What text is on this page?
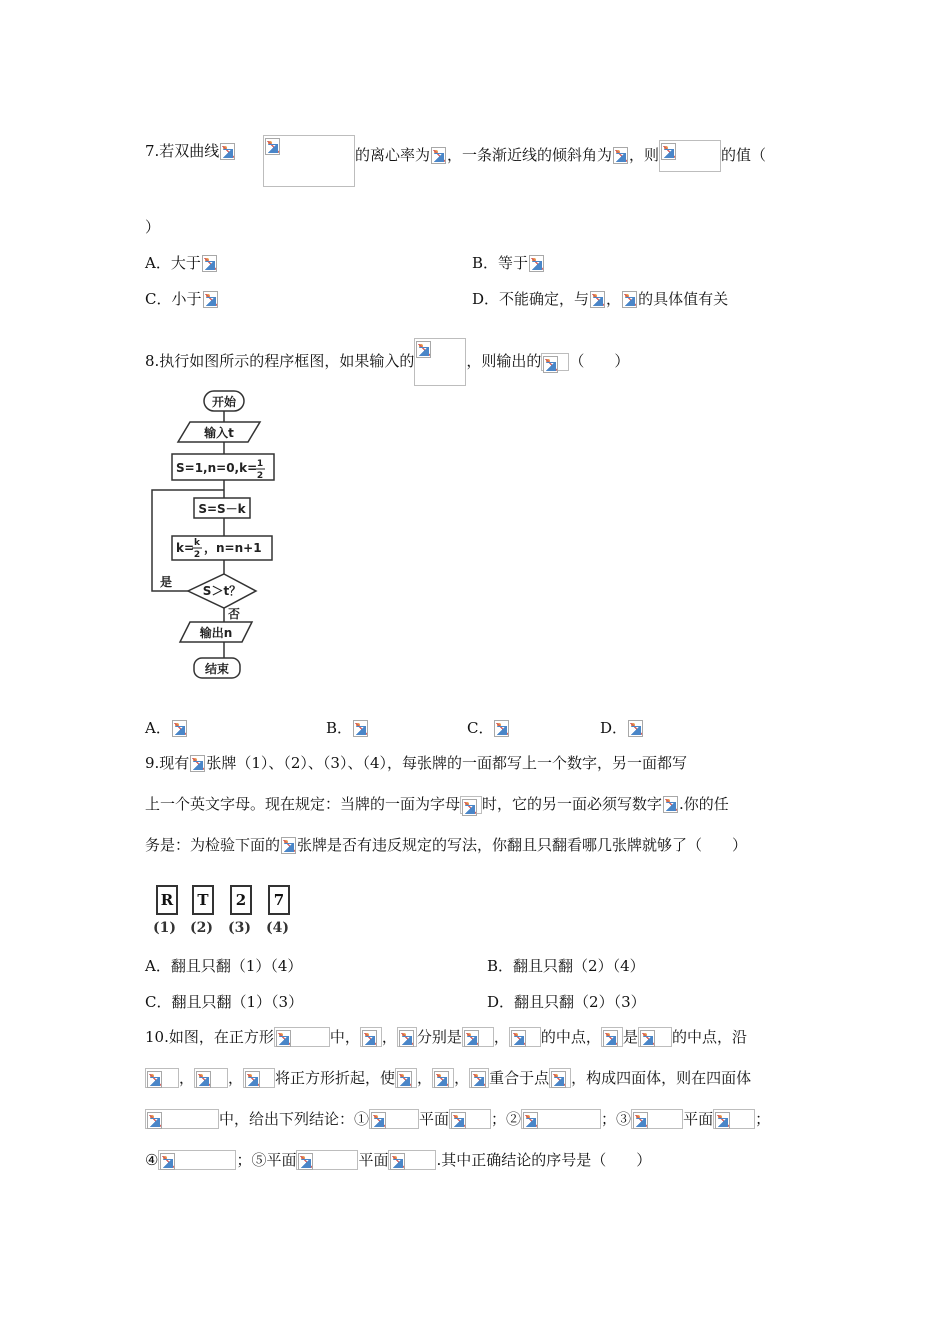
7.若双曲线	的离心率为 ，一条渐近线的倾斜角为 ，则	的值（
）
A．大于	B．等于
C．小于	D．不能确定，与 ， 的具体值有关
8.执行如图所示的程序框图，如果输入的	，则输出的 （　　）
开始
输入t
S=1,n=0,k= 1
2
S=S－k
k= k
2 ，n=n+1
S＞t？
是
否
输出n
结束
A．	B．	C．	D．
9.现有 张牌（1）、（2）、（3）、（4），每张牌的一面都写上一个数字，另一面都写
上一个英文字母。现在规定：当牌的一面为字母 时，它的另一面必须写数字 .你的任
务是：为检验下面的 张牌是否有违反规定的写法，你翻且只翻看哪几张牌就够了（　　）
R	T	2	7
(1) (2) (3) (4)
A．翻且只翻（1）（4）	B．翻且只翻（2）（4）
C．翻且只翻（1）（3）	D．翻且只翻（2）（3）
10.如图，在正方形	中， ， 分别是 ， 的中点， 是 的中点，沿
， ， 将正方形折起，使 ， ， 重合于点 ，构成四面体，则在四面体
中，给出下列结论：①	平面	；②	；③	平面	；
④	；⑤平面	平面	.其中正确结论的序号是（　　）
